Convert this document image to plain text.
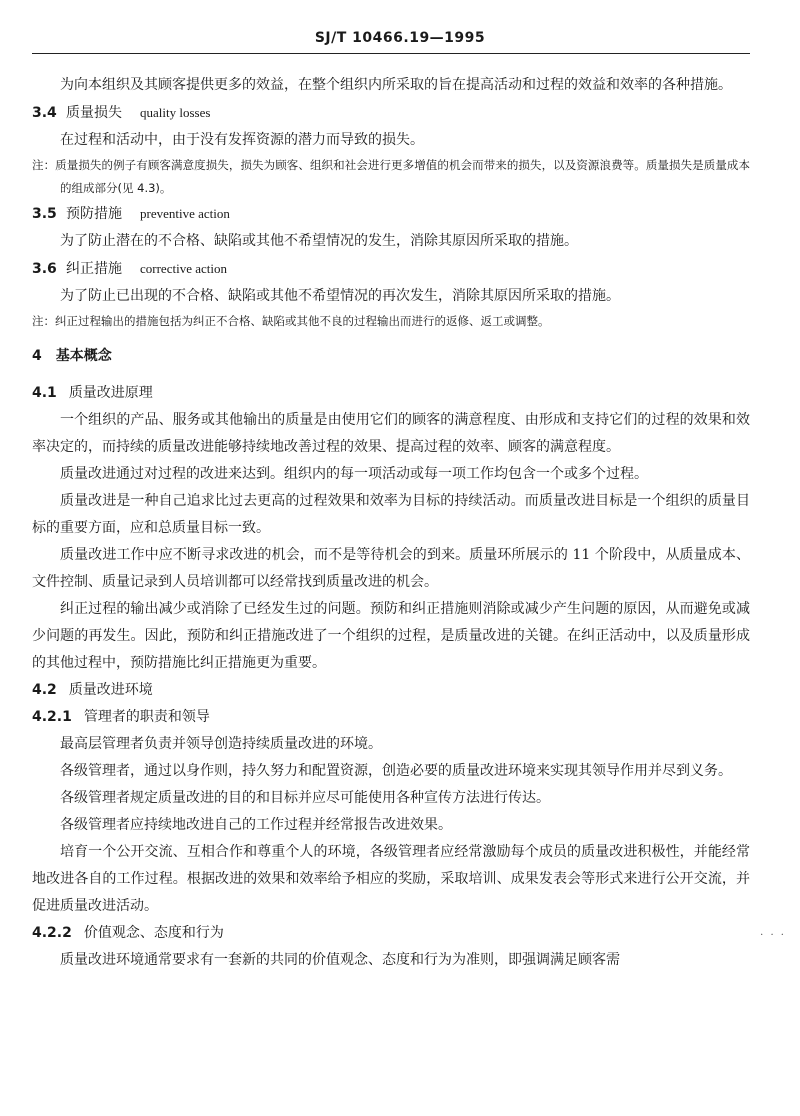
SJ/T 10466.19—1995

为向本组织及其顾客提供更多的效益，在整个组织内所采取的旨在提高活动和过程的效益和效率的各种措施。

3.4 质量损失 quality losses

在过程和活动中，由于没有发挥资源的潜力而导致的损失。

注：质量损失的例子有顾客满意度损失，损失为顾客、组织和社会进行更多增值的机会而带来的损失，以及资源浪费等。质量损失是质量成本的组成部分(见 4.3)。

3.5 预防措施 preventive action

为了防止潜在的不合格、缺陷或其他不希望情况的发生，消除其原因所采取的措施。

3.6 纠正措施 corrective action

为了防止已出现的不合格、缺陷或其他不希望情况的再次发生，消除其原因所采取的措施。

注：纠正过程输出的措施包括为纠正不合格、缺陷或其他不良的过程输出而进行的返修、返工或调整。

4 基本概念

4.1 质量改进原理

一个组织的产品、服务或其他输出的质量是由使用它们的顾客的满意程度、由形成和支持它们的过程的效果和效率决定的，而持续的质量改进能够持续地改善过程的效果、提高过程的效率、顾客的满意程度。

质量改进通过对过程的改进来达到。组织内的每一项活动或每一项工作均包含一个或多个过程。

质量改进是一种自己追求比过去更高的过程效果和效率为目标的持续活动。而质量改进目标是一个组织的质量目标的重要方面，应和总质量目标一致。

质量改进工作中应不断寻求改进的机会，而不是等待机会的到来。质量环所展示的 11 个阶段中，从质量成本、文件控制、质量记录到人员培训都可以经常找到质量改进的机会。

纠正过程的输出减少或消除了已经发生过的问题。预防和纠正措施则消除或减少产生问题的原因，从而避免或减少问题的再发生。因此，预防和纠正措施改进了一个组织的过程，是质量改进的关键。在纠正活动中，以及质量形成的其他过程中，预防措施比纠正措施更为重要。

4.2 质量改进环境

4.2.1 管理者的职责和领导

最高层管理者负责并领导创造持续质量改进的环境。

各级管理者，通过以身作则，持久努力和配置资源，创造必要的质量改进环境来实现其领导作用并尽到义务。

各级管理者规定质量改进的目的和目标并应尽可能使用各种宣传方法进行传达。

各级管理者应持续地改进自己的工作过程并经常报告改进效果。

培育一个公开交流、互相合作和尊重个人的环境，各级管理者应经常激励每个成员的质量改进积极性，并能经常地改进各自的工作过程。根据改进的效果和效率给予相应的奖励，采取培训、成果发表会等形式来进行公开交流，并促进质量改进活动。

4.2.2 价值观念、态度和行为

质量改进环境通常要求有一套新的共同的价值观念、态度和行为为准则，即强调满足顾客需

· · ·
